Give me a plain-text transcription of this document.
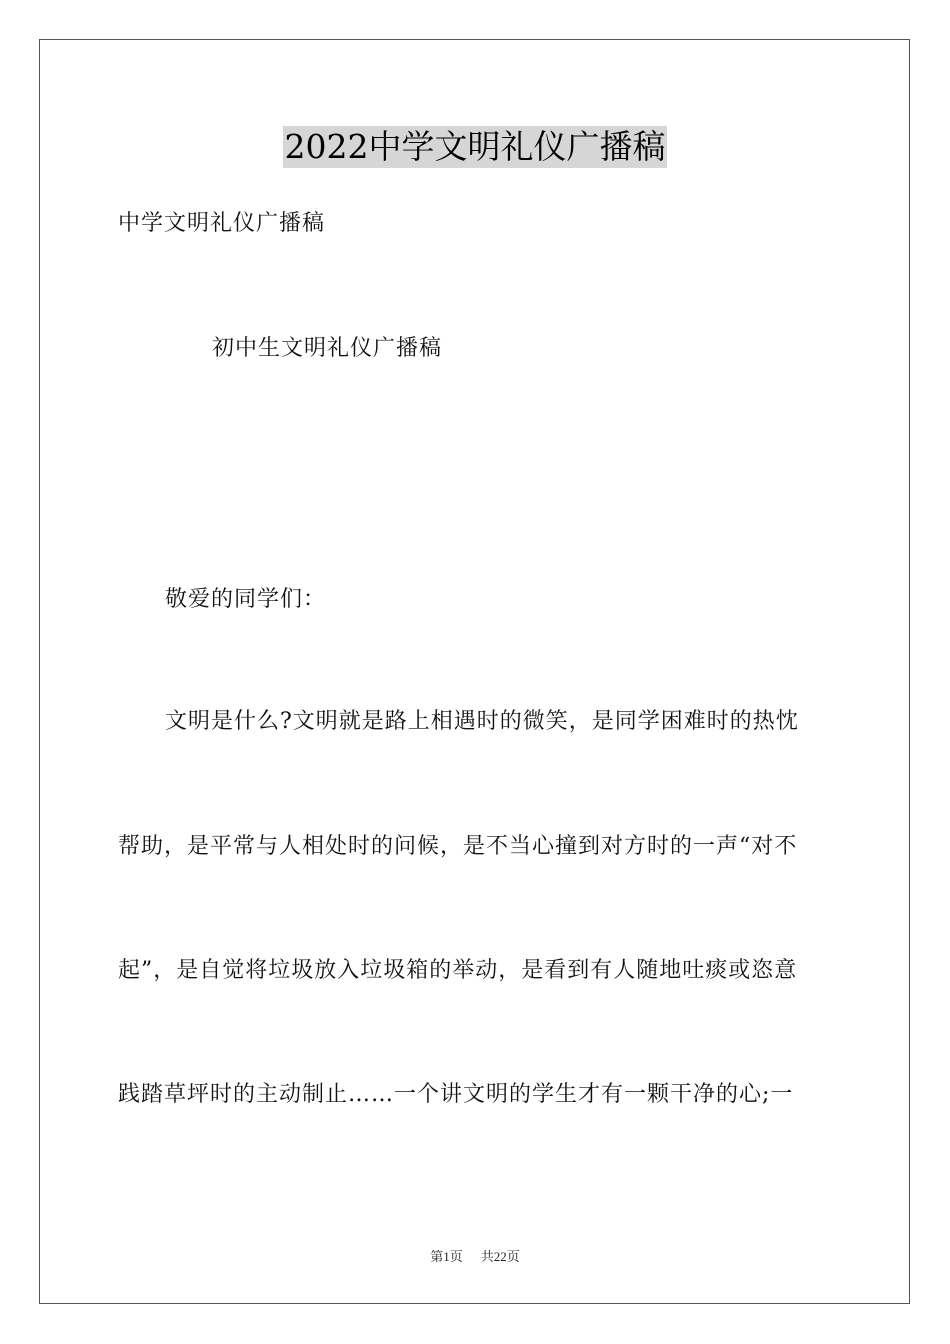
2022中学文明礼仪广播稿
中学文明礼仪广播稿
初中生文明礼仪广播稿
敬爱的同学们：
文明是什么?文明就是路上相遇时的微笑，是同学困难时的热忱
帮助，是平常与人相处时的问候，是不当心撞到对方时的一声“对不
起”，是自觉将垃圾放入垃圾箱的举动，是看到有人随地吐痰或恣意
践踏草坪时的主动制止……一个讲文明的学生才有一颗干净的心;一
第1页 共22页
